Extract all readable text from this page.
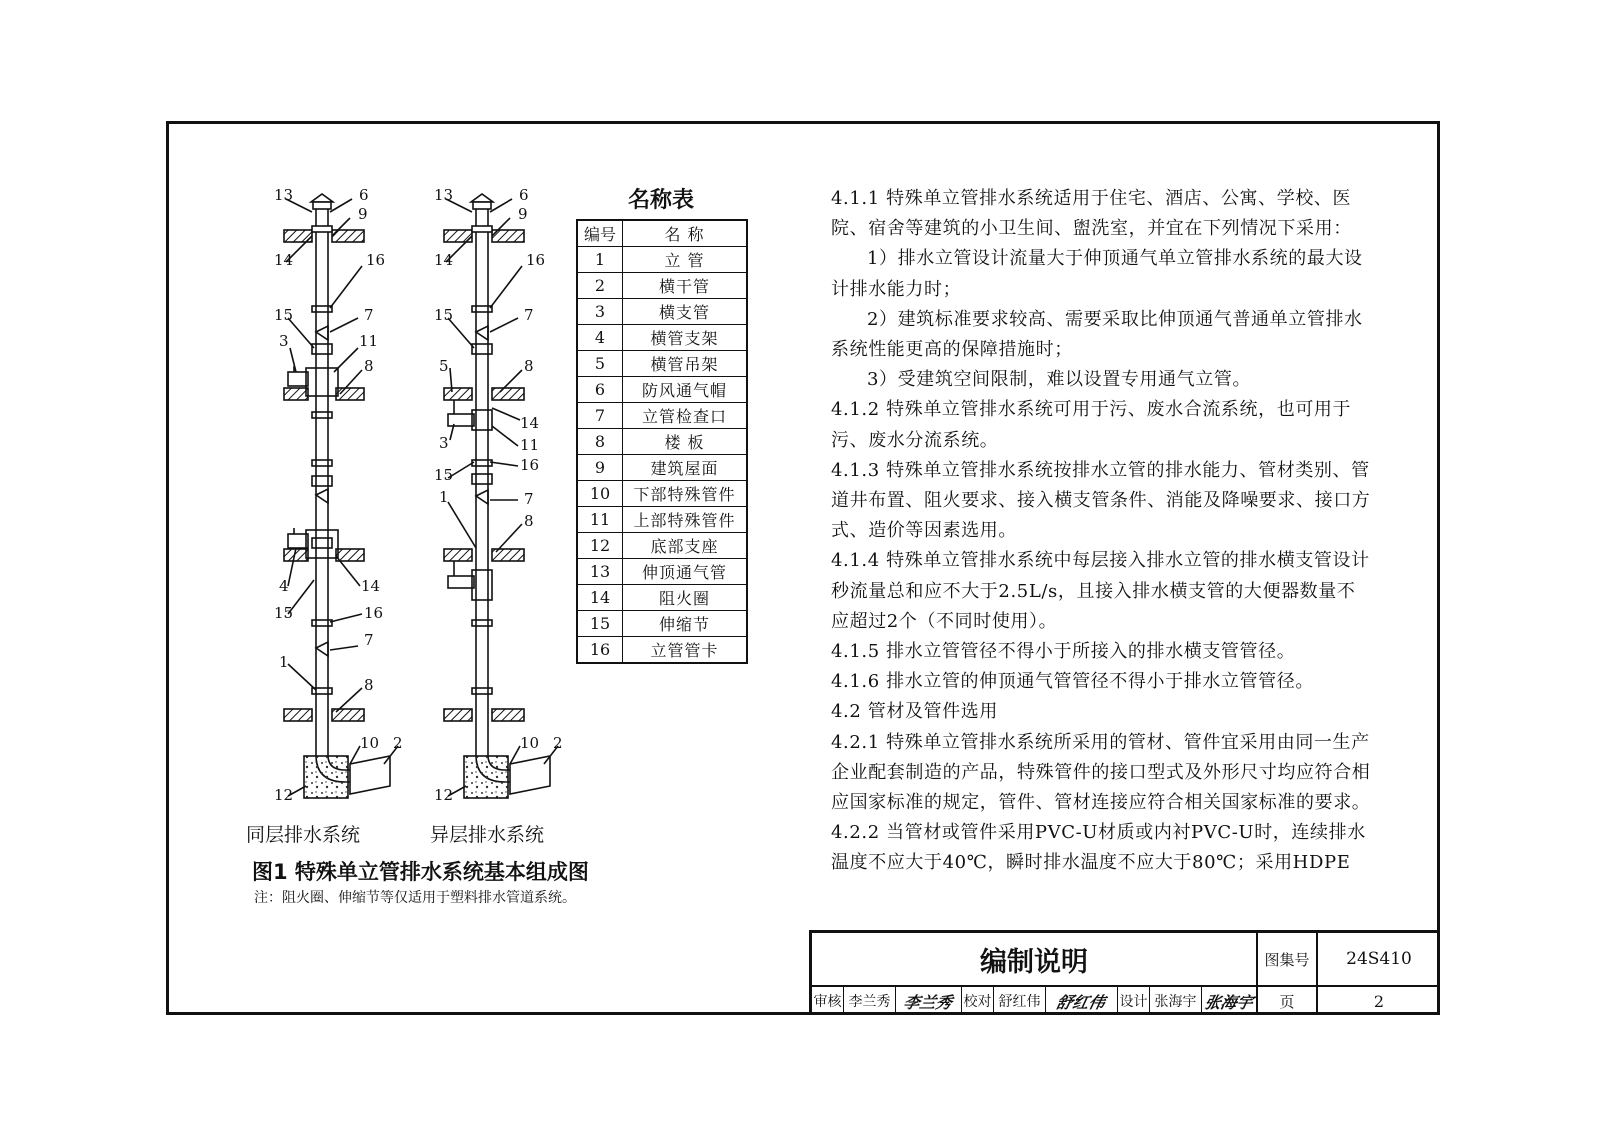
13	6
9
14	16
15	7
3	11
8
4	14
15	16
7
1
8
10 2
12
13	6
9
14	16
15	7
5	8
14
3	11
15
16
1	7
8
10 2
12
同层排水系统	异层排水系统
图1 特殊单立管排水系统基本组成图
注：阻火圈、伸缩节等仅适用于塑料排水管道系统。
名称表
编号	名 称
1	立 管
2	横干管
3	横支管
4	横管支架
5	横管吊架
6	防风通气帽
7	立管检查口
8	楼 板
9	建筑屋面
10	下部特殊管件
11	上部特殊管件
12	底部支座
13	伸顶通气管
14	阻火圈
15	伸缩节
16	立管管卡

4.1.1 特殊单立管排水系统适用于住宅、酒店、公寓、学校、医院、宿舍等建筑的小卫生间、盥洗室，并宜在下列情况下采用：

1）排水立管设计流量大于伸顶通气单立管排水系统的最大设计排水能力时；

2）建筑标准要求较高、需要采取比伸顶通气普通单立管排水系统性能更高的保障措施时；

3）受建筑空间限制，难以设置专用通气立管。

4.1.2 特殊单立管排水系统可用于污、废水合流系统，也可用于污、废水分流系统。

4.1.3 特殊单立管排水系统按排水立管的排水能力、管材类别、管道井布置、阻火要求、接入横支管条件、消能及降噪要求、接口方式、造价等因素选用。

4.1.4 特殊单立管排水系统中每层接入排水立管的排水横支管设计秒流量总和应不大于2.5L/s，且接入排水横支管的大便器数量不应超过2个（不同时使用）。

4.1.5 排水立管管径不得小于所接入的排水横支管管径。

4.1.6 排水立管的伸顶通气管管径不得小于排水立管管径。

4.2 管材及管件选用

4.2.1 特殊单立管排水系统所采用的管材、管件宜采用由同一生产企业配套制造的产品，特殊管件的接口型式及外形尺寸均应符合相应国家标准的规定，管件、管材连接应符合相关国家标准的要求。

4.2.2 当管材或管件采用PVC-U材质或内衬PVC-U时，连续排水温度不应大于40℃，瞬时排水温度不应大于80℃；采用HDPE

编制说明	图集号	24S410
审核 李兰秀 李兰秀 校对 舒红伟 舒红伟 设计 张海宇 张海宇	页	2
